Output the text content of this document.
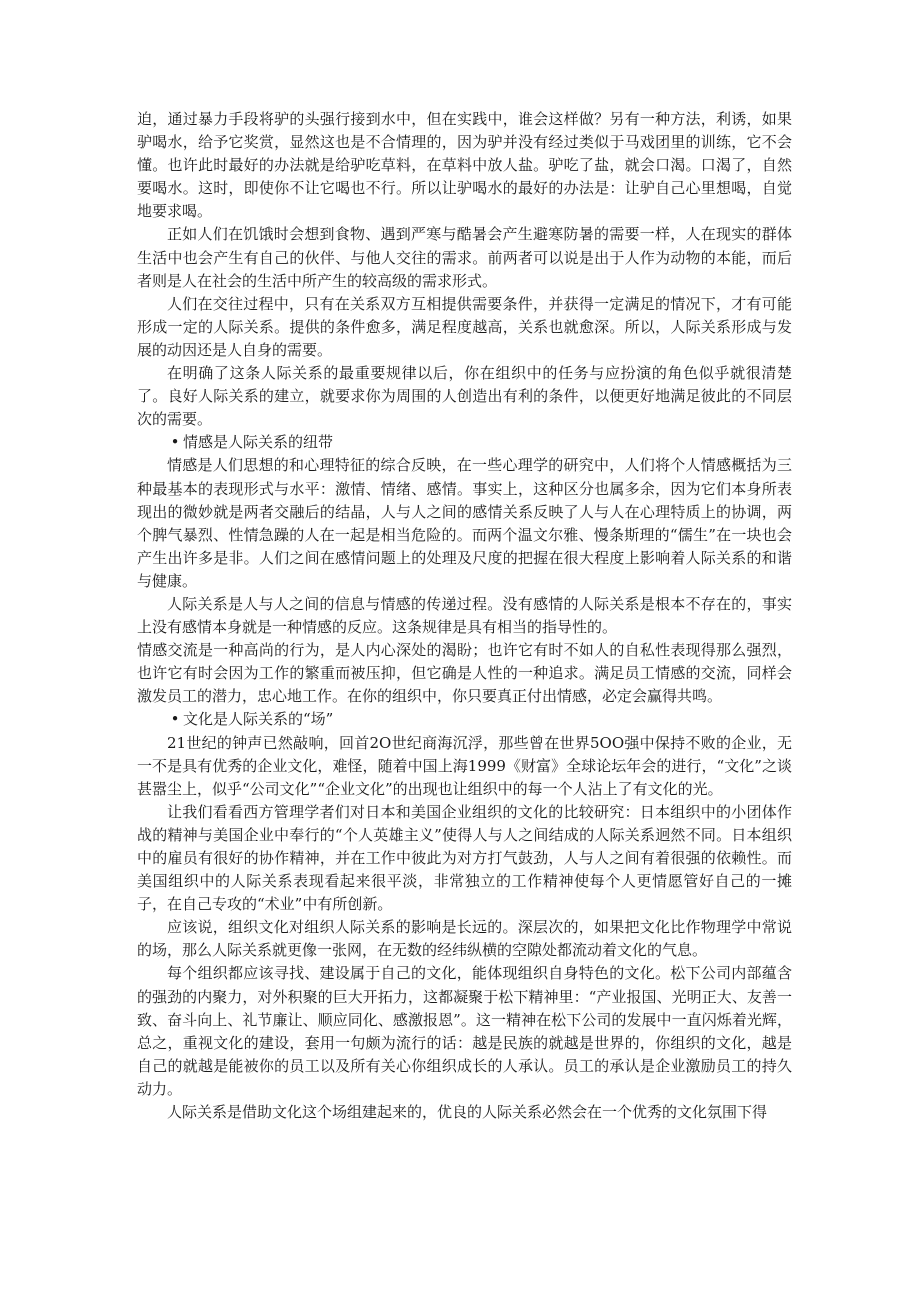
迫，通过暴力手段将驴的头强行接到水中，但在实践中，谁会这样做？另有一种方法，利诱，如果驴喝水，给予它奖赏，显然这也是不合情理的，因为驴并没有经过类似于马戏团里的训练，它不会懂。也许此时最好的办法就是给驴吃草料，在草料中放人盐。驴吃了盐，就会口渴。口渴了，自然要喝水。这时，即使你不让它喝也不行。所以让驴喝水的最好的办法是：让驴自己心里想喝，自觉地要求喝。

正如人们在饥饿时会想到食物、遇到严寒与酷暑会产生避寒防暑的需要一样，人在现实的群体生活中也会产生有自己的伙伴、与他人交往的需求。前两者可以说是出于人作为动物的本能，而后者则是人在社会的生活中所产生的较高级的需求形式。

人们在交往过程中，只有在关系双方互相提供需要条件，并获得一定满足的情况下，才有可能形成一定的人际关系。提供的条件愈多，满足程度越高，关系也就愈深。所以，人际关系形成与发展的动因还是人自身的需要。

在明确了这条人际关系的最重要规律以后，你在组织中的任务与应扮演的角色似乎就很清楚了。良好人际关系的建立，就要求你为周围的人创造出有利的条件，以便更好地满足彼此的不同层次的需要。

• 情感是人际关系的纽带

情感是人们思想的和心理特征的综合反映，在一些心理学的研究中，人们将个人情感概括为三种最基本的表现形式与水平：激情、情绪、感情。事实上，这种区分也属多余，因为它们本身所表现出的微妙就是两者交融后的结晶，人与人之间的感情关系反映了人与人在心理特质上的协调，两个脾气暴烈、性情急躁的人在一起是相当危险的。而两个温文尔雅、慢条斯理的“儒生”在一块也会产生出许多是非。人们之间在感情问题上的处理及尺度的把握在很大程度上影响着人际关系的和谐与健康。

人际关系是人与人之间的信息与情感的传递过程。没有感情的人际关系是根本不存在的，事实上没有感情本身就是一种情感的反应。这条规律是具有相当的指导性的。

情感交流是一种高尚的行为，是人内心深处的渴盼；也许它有时不如人的自私性表现得那么强烈，也许它有时会因为工作的繁重而被压抑，但它确是人性的一种追求。满足员工情感的交流，同样会激发员工的潜力，忠心地工作。在你的组织中，你只要真正付出情感，必定会赢得共鸣。

• 文化是人际关系的“场”

21世纪的钟声已然敲响，回首2O世纪商海沉浮，那些曾在世界5OO强中保持不败的企业，无一不是具有优秀的企业文化，难怪，随着中国上海1999《财富》全球论坛年会的进行，“文化”之谈甚嚣尘上，似乎“公司文化”“企业文化”的出现也让组织中的每一个人沾上了有文化的光。

让我们看看西方管理学者们对日本和美国企业组织的文化的比较研究：日本组织中的小团体作战的精神与美国企业中奉行的“个人英雄主义”使得人与人之间结成的人际关系迥然不同。日本组织中的雇员有很好的协作精神，并在工作中彼此为对方打气鼓劲，人与人之间有着很强的依赖性。而美国组织中的人际关系表现看起来很平淡，非常独立的工作精神使每个人更情愿管好自己的一摊子，在自己专攻的“术业”中有所创新。

应该说，组织文化对组织人际关系的影响是长远的。深层次的，如果把文化比作物理学中常说的场，那么人际关系就更像一张网，在无数的经纬纵横的空隙处都流动着文化的气息。

每个组织都应该寻找、建设属于自己的文化，能体现组织自身特色的文化。松下公司内部蕴含的强劲的内聚力，对外积聚的巨大开拓力，这都凝聚于松下精神里：“产业报国、光明正大、友善一致、奋斗向上、礼节廉让、顺应同化、感激报恩”。这一精神在松下公司的发展中一直闪烁着光辉，总之，重视文化的建设，套用一句颇为流行的话：越是民族的就越是世界的，你组织的文化，越是自己的就越是能被你的员工以及所有关心你组织成长的人承认。员工的承认是企业激励员工的持久动力。

人际关系是借助文化这个场组建起来的，优良的人际关系必然会在一个优秀的文化氛围下得
